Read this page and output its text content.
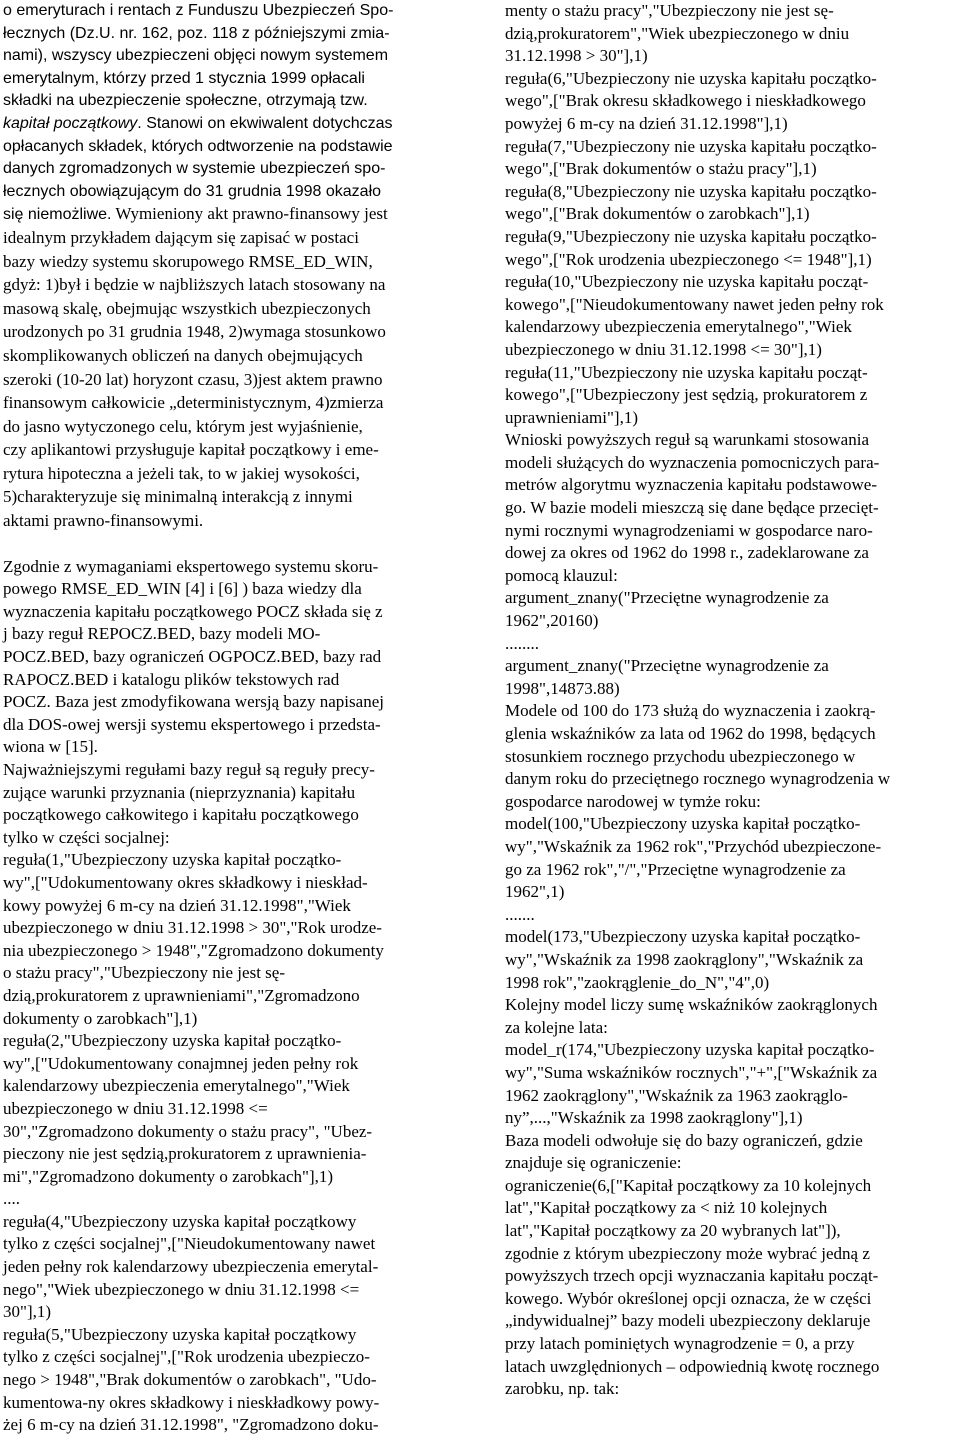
o emeryturach i rentach z Funduszu Ubezpieczeń Spo-
łecznych (Dz.U. nr. 162, poz. 118 z późniejszymi zmia-
nami), wszyscy ubezpieczeni objęci nowym systemem
emerytalnym, którzy przed 1 stycznia 1999 opłacali
składki na ubezpieczenie społeczne, otrzymają tzw.
kapitał początkowy. Stanowi on ekwiwalent dotychczas
opłacanych składek, których odtworzenie na podstawie
danych zgromadzonych w systemie ubezpieczeń spo-
łecznych obowiązującym do 31 grudnia 1998 okazało
się niemożliwe. Wymieniony akt prawno-finansowy jest
idealnym przykładem dającym się zapisać w postaci
bazy wiedzy systemu skorupowego RMSE_ED_WIN,
gdyż: 1)był i będzie w najbliższych latach stosowany na
masową skalę, obejmując wszystkich ubezpieczonych
urodzonych po 31 grudnia 1948, 2)wymaga stosunkowo
skomplikowanych obliczeń na danych obejmujących
szeroki (10-20 lat) horyzont czasu, 3)jest aktem prawno
finansowym całkowicie „deterministycznym, 4)zmierza
do jasno wytyczonego celu, którym jest wyjaśnienie,
czy aplikantowi przysługuje kapitał początkowy i eme-
rytura hipoteczna a jeżeli tak, to w jakiej wysokości,
5)charakteryzuje się minimalną interakcją z innymi
aktami prawno-finansowymi.

Zgodnie z wymaganiami ekspertowego systemu skoru-
powego RMSE_ED_WIN [4] i [6] ) baza wiedzy dla
wyznaczenia kapitału początkowego POCZ składa się z
j bazy reguł REPOCZ.BED, bazy modeli MO-
POCZ.BED, bazy ograniczeń OGPOCZ.BED, bazy rad
RAPOCZ.BED i katalogu plików tekstowych rad
POCZ. Baza jest zmodyfikowana wersją bazy napisanej
dla DOS-owej wersji systemu ekspertowego i przedsta-
wiona w [15].

Najważniejszymi regułami bazy reguł są reguły precy-
zujące warunki przyznania (nieprzyznania) kapitału
początkowego całkowitego i kapitału początkowego
tylko w części socjalnej:

reguła(1,"Ubezpieczony uzyska kapitał początko-
wy",["Udokumentowany okres składkowy i nieskład-
kowy powyżej 6 m-cy na dzień 31.12.1998","Wiek
ubezpieczonego w dniu 31.12.1998 > 30","Rok urodze-
nia ubezpieczonego > 1948","Zgromadzono dokumenty
o stażu pracy","Ubezpieczony nie jest sę-
dzią,prokuratorem z uprawnieniami","Zgromadzono
dokumenty o zarobkach"],1)

reguła(2,"Ubezpieczony uzyska kapitał początko-
wy",["Udokumentowany conajmnej jeden pełny rok
kalendarzowy ubezpieczenia emerytalnego","Wiek
ubezpieczonego w dniu 31.12.1998 <=
30","Zgromadzono dokumenty o stażu pracy", "Ubez-
pieczony nie jest sędzią,prokuratorem z uprawnienia-
mi","Zgromadzono dokumenty o zarobkach"],1)

....

reguła(4,"Ubezpieczony uzyska kapitał początkowy
tylko z części socjalnej",["Nieudokumentowany nawet
jeden pełny rok kalendarzowy ubezpieczenia emerytal-
nego","Wiek ubezpieczonego w dniu 31.12.1998 <=
30"],1)

reguła(5,"Ubezpieczony uzyska kapitał początkowy
tylko z części socjalnej",["Rok urodzenia ubezpieczo-
nego > 1948","Brak dokumentów o zarobkach", "Udo-
kumentowa-ny okres składkowy i nieskładkowy powy-
żej 6 m-cy na dzień 31.12.1998", "Zgromadzono doku-

menty o stażu pracy","Ubezpieczony nie jest sę-
dzią,prokuratorem","Wiek ubezpieczonego w dniu
31.12.1998 > 30"],1)

reguła(6,"Ubezpieczony nie uzyska kapitału początko-
wego",["Brak okresu składkowego i nieskładkowego
powyżej 6 m-cy na dzień 31.12.1998"],1)

reguła(7,"Ubezpieczony nie uzyska kapitału początko-
wego",["Brak dokumentów o stażu pracy"],1)

reguła(8,"Ubezpieczony nie uzyska kapitału początko-
wego",["Brak dokumentów o zarobkach"],1)

reguła(9,"Ubezpieczony nie uzyska kapitału początko-
wego",["Rok urodzenia ubezpieczonego <= 1948"],1)

reguła(10,"Ubezpieczony nie uzyska kapitału począt-
kowego",["Nieudokumentowany nawet jeden pełny rok
kalendarzowy ubezpieczenia emerytalnego","Wiek
ubezpieczonego w dniu 31.12.1998 <= 30"],1)

reguła(11,"Ubezpieczony nie uzyska kapitału począt-
kowego",["Ubezpieczony jest sędzią, prokuratorem z
uprawnieniami"],1)

Wnioski powyższych reguł są warunkami stosowania
modeli służących do wyznaczenia pomocniczych para-
metrów algorytmu wyznaczenia kapitału podstawowe-
go. W bazie modeli mieszczą się dane będące przecięt-
nymi rocznymi wynagrodzeniami w gospodarce naro-
dowej za okres od 1962 do 1998 r., zadeklarowane za
pomocą klauzul:

argument_znany("Przeciętne wynagrodzenie za
1962",20160)

........

argument_znany("Przeciętne wynagrodzenie za
1998",14873.88)

Modele od 100 do 173 służą do wyznaczenia i zaokrą-
glenia wskaźników za lata od 1962 do 1998, będących
stosunkiem rocznego przychodu ubezpieczonego w
danym roku do przeciętnego rocznego wynagrodzenia w
gospodarce narodowej w tymże roku:

model(100,"Ubezpieczony uzyska kapitał początko-
wy","Wskaźnik za 1962 rok","Przychód ubezpieczone-
go za 1962 rok","/","Przeciętne wynagrodzenie za
1962",1)

.......

model(173,"Ubezpieczony uzyska kapitał początko-
wy","Wskaźnik za 1998 zaokrąglony","Wskaźnik za
1998 rok","zaokrąglenie_do_N","4",0)

Kolejny model liczy sumę wskaźników zaokrąglonych
za kolejne lata:

model_r(174,"Ubezpieczony uzyska kapitał początko-
wy","Suma wskaźników rocznych","+",["Wskaźnik za
1962 zaokrąglony","Wskaźnik za 1963 zaokrąglo-
ny”,...,"Wskaźnik za 1998 zaokrąglony"],1)

Baza modeli odwołuje się do bazy ograniczeń, gdzie
znajduje się ograniczenie:

ograniczenie(6,["Kapitał początkowy za 10 kolejnych
lat","Kapitał początkowy za < niż 10 kolejnych
lat","Kapitał początkowy za 20 wybranych lat"]),
zgodnie z którym ubezpieczony może wybrać jedną z
powyższych trzech opcji wyznaczania kapitału począt-
kowego. Wybór określonej opcji oznacza, że w części
„indywidualnej” bazy modeli ubezpieczony deklaruje
przy latach pominiętych wynagrodzenie = 0, a przy
latach uwzględnionych – odpowiednią kwotę rocznego
zarobku, np. tak:
